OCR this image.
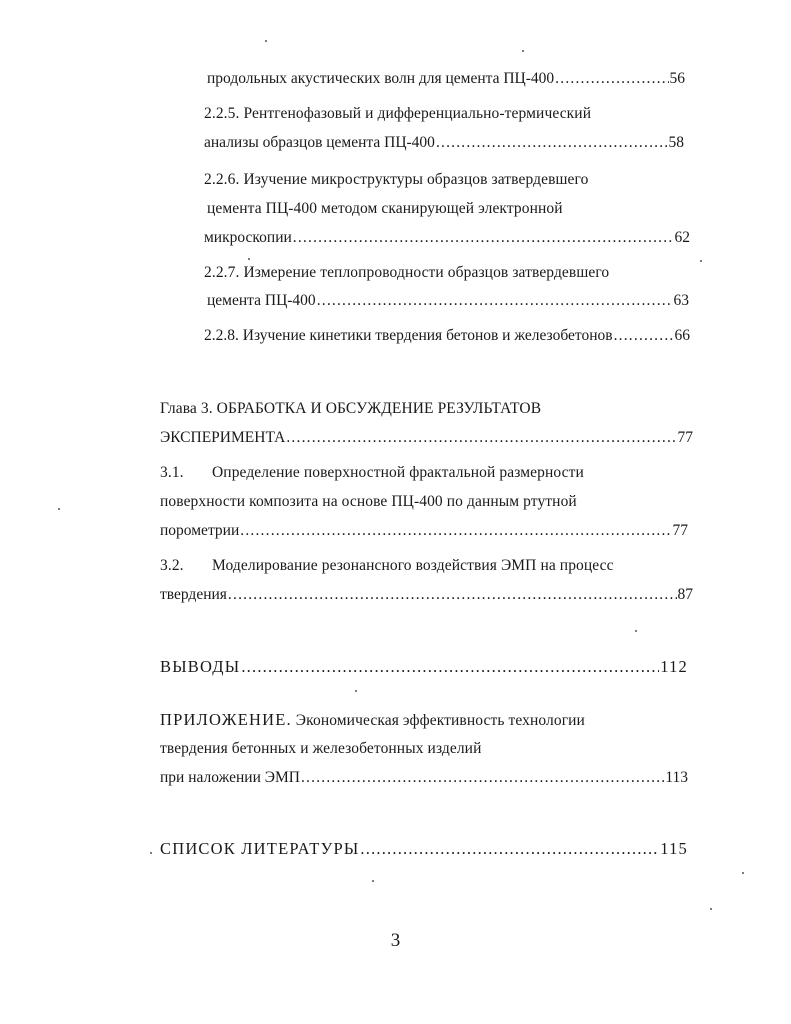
продольных акустических волн для цемента ПЦ-400 .....	56
2.2.5. Рентгенофазовый и дифференциально-термический
анализы образцов цемента ПЦ-400 .....	58
2.2.6. Изучение микроструктуры образцов затвердевшего
цемента ПЦ-400 методом сканирующей электронной
микроскопии .....	62
2.2.7. Измерение теплопроводности образцов затвердевшего
цемента ПЦ-400 .....	63
2.2.8. Изучение кинетики твердения бетонов и железобетонов .....	66
Глава 3. ОБРАБОТКА И ОБСУЖДЕНИЕ РЕЗУЛЬТАТОВ
ЭКСПЕРИМЕНТА .....	77
3.1. Определение поверхностной фрактальной размерности
поверхности композита на основе ПЦ-400 по данным ртутной
порометрии .....	77
3.2. Моделирование резонансного воздействия ЭМП на процесс
твердения .....	87
ВЫВОДЫ .....	112
ПРИЛОЖЕНИЕ. Экономическая эффективность технологии
твердения бетонных и железобетонных изделий
при наложении ЭМП .....	113
СПИСОК ЛИТЕРАТУРЫ .....	115
3
